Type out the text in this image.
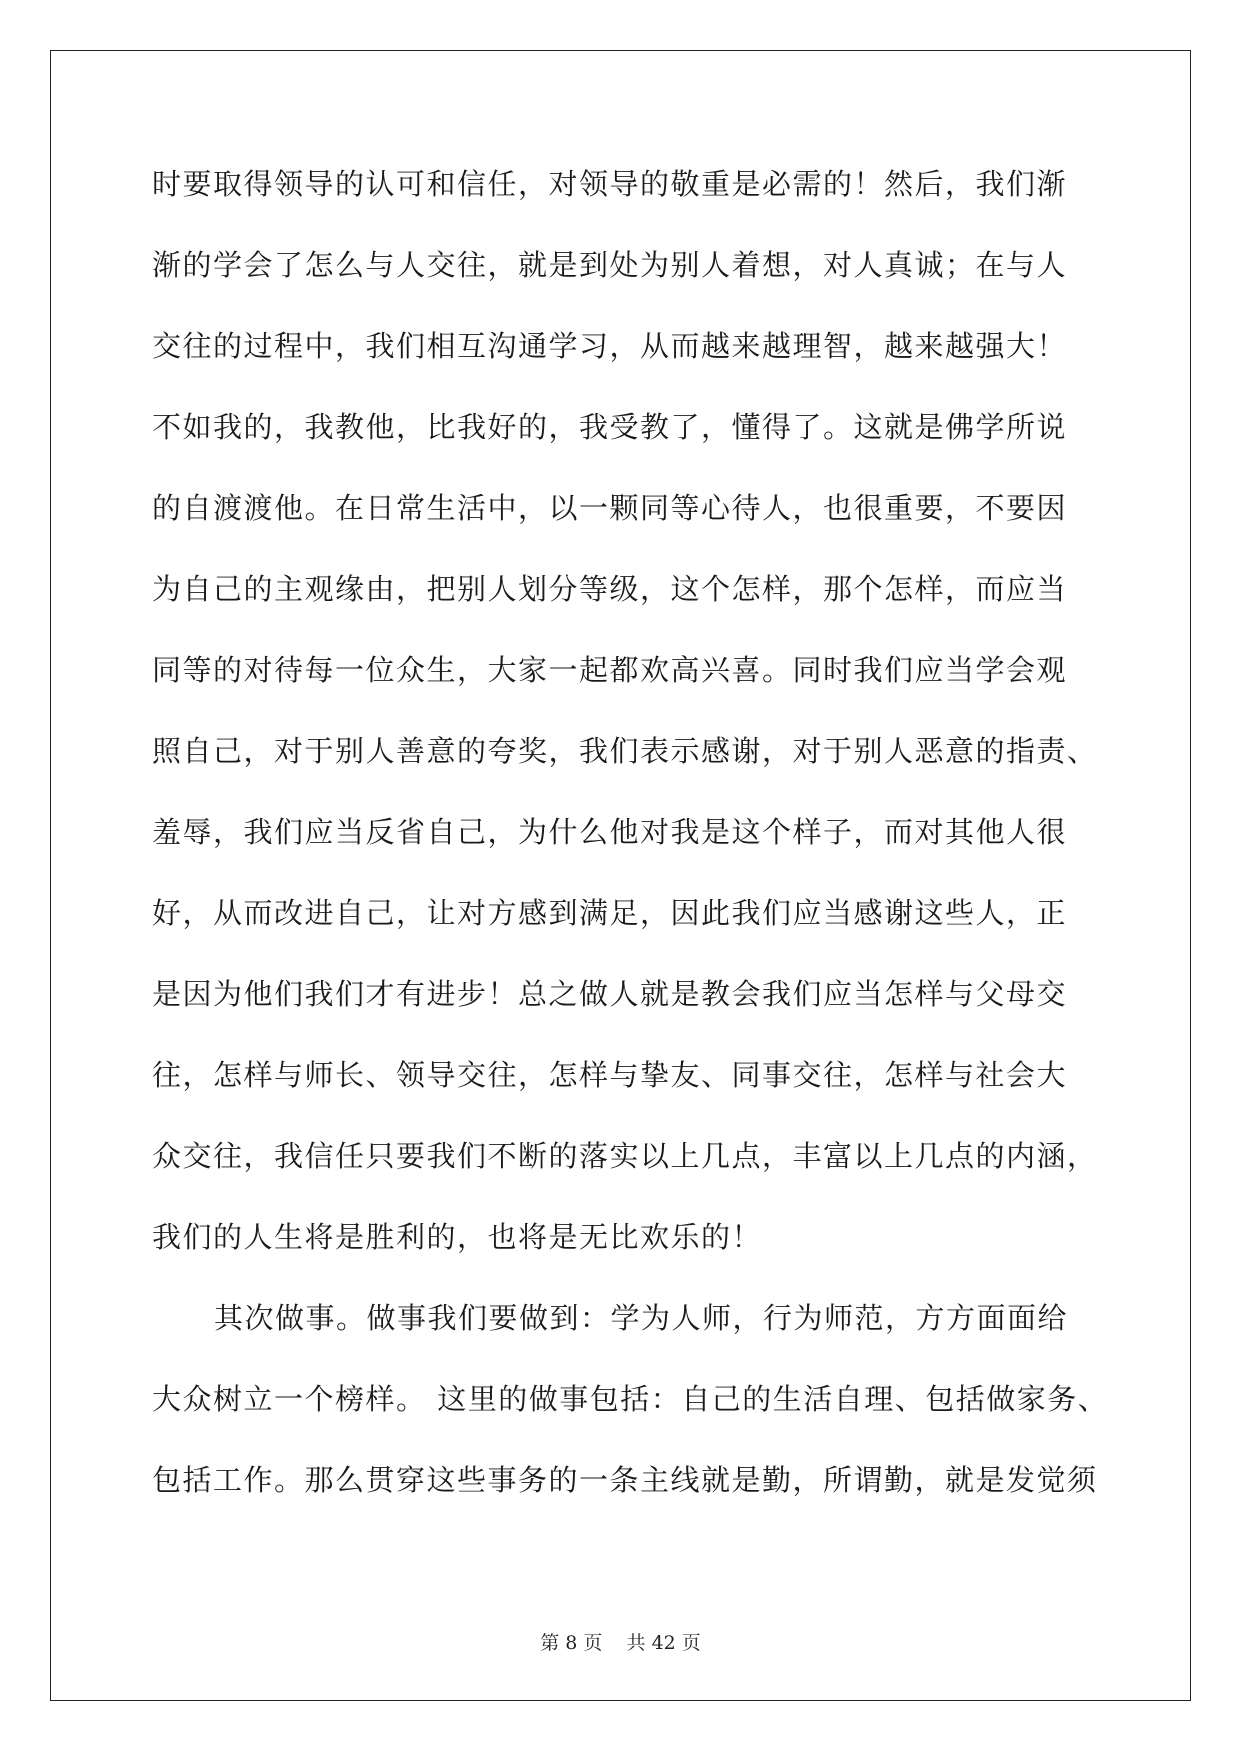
时要取得领导的认可和信任，对领导的敬重是必需的！然后，我们渐
渐的学会了怎么与人交往，就是到处为别人着想，对人真诚；在与人
交往的过程中，我们相互沟通学习，从而越来越理智，越来越强大！
不如我的，我教他，比我好的，我受教了，懂得了。这就是佛学所说
的自渡渡他。在日常生活中，以一颗同等心待人，也很重要，不要因
为自己的主观缘由，把别人划分等级，这个怎样，那个怎样，而应当
同等的对待每一位众生，大家一起都欢高兴喜。同时我们应当学会观
照自己，对于别人善意的夸奖，我们表示感谢，对于别人恶意的指责、
羞辱，我们应当反省自己，为什么他对我是这个样子，而对其他人很
好，从而改进自己，让对方感到满足，因此我们应当感谢这些人，正
是因为他们我们才有进步！总之做人就是教会我们应当怎样与父母交
往，怎样与师长、领导交往，怎样与挚友、同事交往，怎样与社会大
众交往，我信任只要我们不断的落实以上几点，丰富以上几点的内涵，
我们的人生将是胜利的，也将是无比欢乐的！
其次做事。做事我们要做到：学为人师，行为师范，方方面面给
大众树立一个榜样。 这里的做事包括：自己的生活自理、包括做家务、
包括工作。那么贯穿这些事务的一条主线就是勤，所谓勤，就是发觉须
第 8 页    共 42 页
